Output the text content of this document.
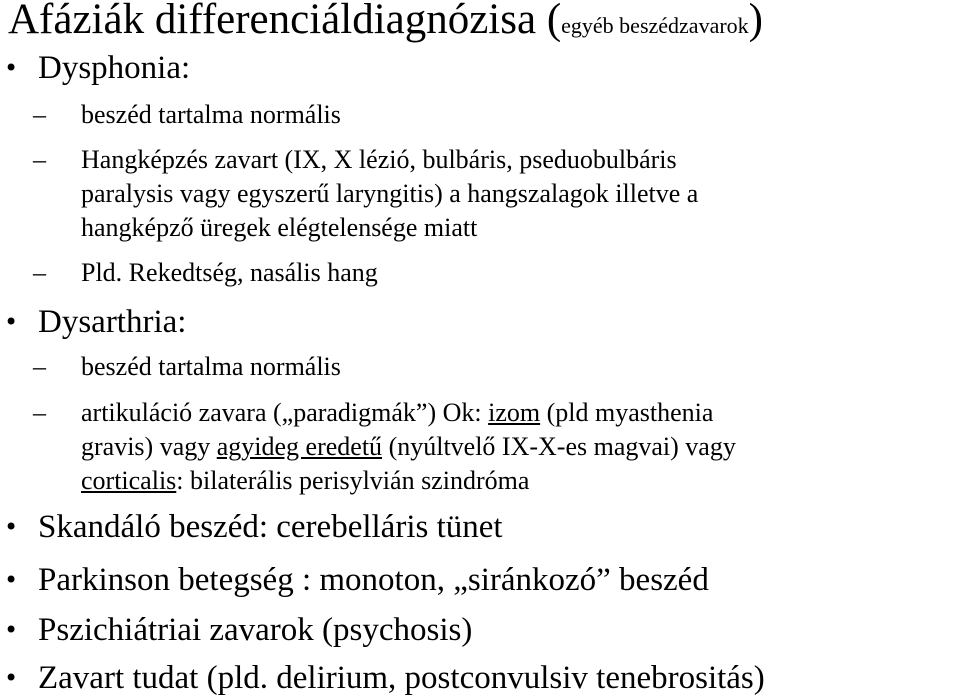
Afáziák differenciáldiagnózisa (egyéb beszédzavarok)
• Dysphonia:
– beszéd tartalma normális
– Hangképzés zavart (IX, X lézió, bulbáris, pseduobulbáris
paralysis vagy egyszerű laryngitis) a hangszalagok illetve a
hangképző üregek elégtelensége miatt
– Pld. Rekedtség, nasális hang
• Dysarthria:
– beszéd tartalma normális
– artikuláció zavara („paradigmák”) Ok: izom (pld myasthenia
gravis) vagy agyideg eredetű (nyúltvelő IX-X-es magvai) vagy
corticalis: bilaterális perisylvián szindróma
• Skandáló beszéd: cerebelláris tünet
• Parkinson betegség : monoton, „siránkozó” beszéd
• Pszichiátriai zavarok (psychosis)
• Zavart tudat (pld. delirium, postconvulsiv tenebrositás)
